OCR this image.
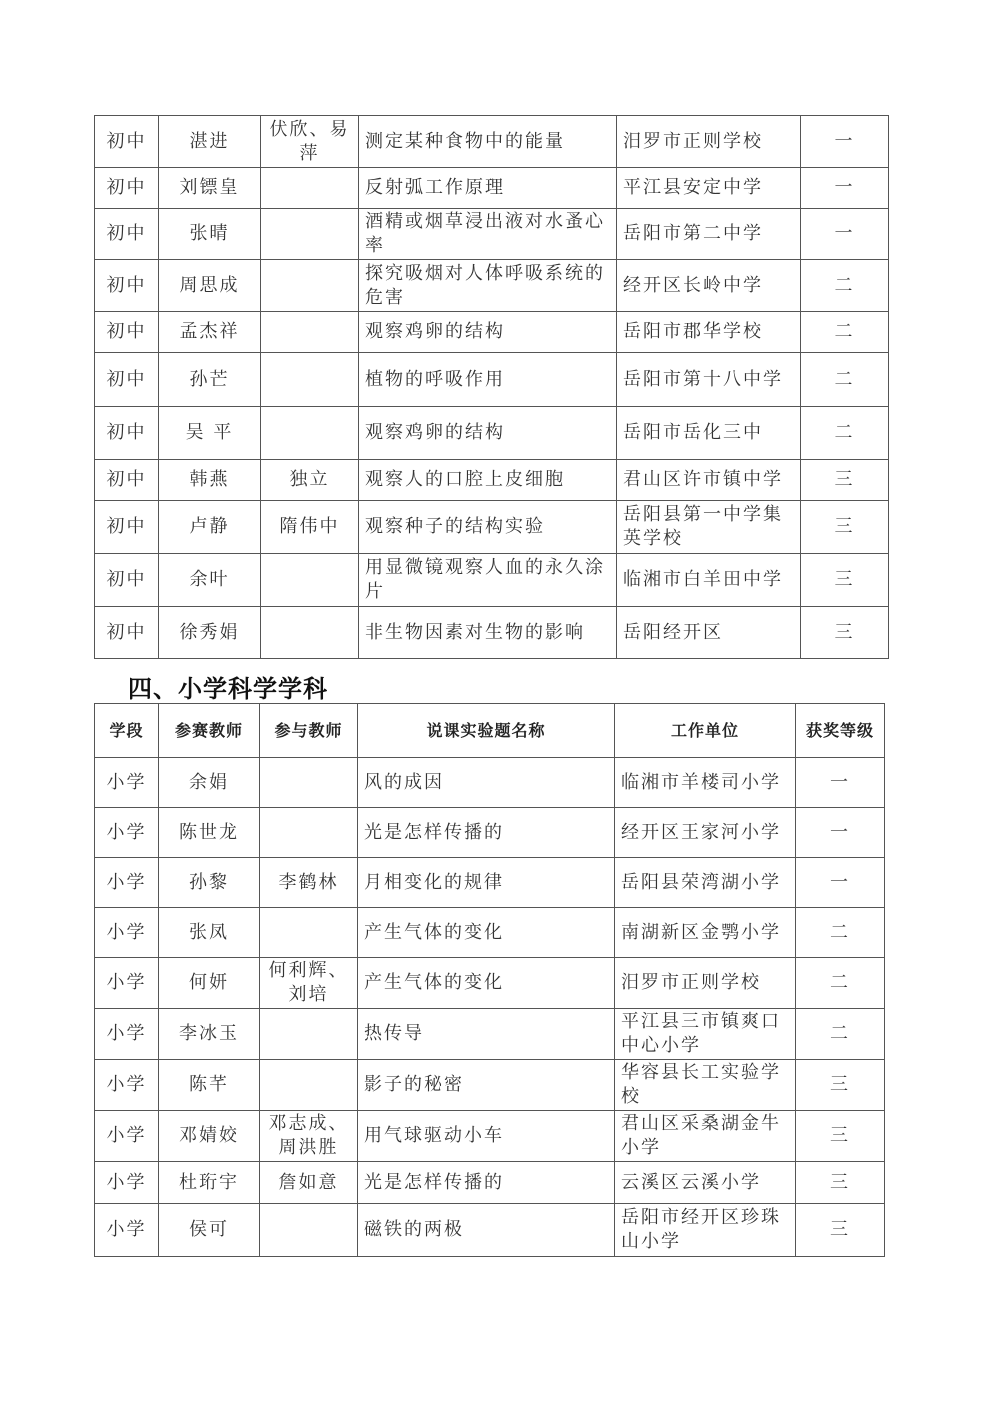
初中	湛进	伏欣、易萍	测定某种食物中的能量	汨罗市正则学校	一
初中	刘镖皇		反射弧工作原理	平江县安定中学	一
初中	张晴		酒精或烟草浸出液对水蚤心率	岳阳市第二中学	一
初中	周思成		探究吸烟对人体呼吸系统的危害	经开区长岭中学	二
初中	孟杰祥		观察鸡卵的结构	岳阳市郡华学校	二
初中	孙芒		植物的呼吸作用	岳阳市第十八中学	二
初中	吴 平		观察鸡卵的结构	岳阳市岳化三中	二
初中	韩燕	独立	观察人的口腔上皮细胞	君山区许市镇中学	三
初中	卢静	隋伟中	观察种子的结构实验	岳阳县第一中学集英学校	三
初中	余叶		用显微镜观察人血的永久涂片	临湘市白羊田中学	三
初中	徐秀娟		非生物因素对生物的影响	岳阳经开区	三
四、小学科学学科
学段	参赛教师	参与教师	说课实验题名称	工作单位	获奖等级
小学	余娟		风的成因	临湘市羊楼司小学	一
小学	陈世龙		光是怎样传播的	经开区王家河小学	一
小学	孙黎	李鹤林	月相变化的规律	岳阳县荣湾湖小学	一
小学	张凤		产生气体的变化	南湖新区金鹗小学	二
小学	何妍	何利辉、刘培	产生气体的变化	汨罗市正则学校	二
小学	李冰玉		热传导	平江县三市镇爽口中心小学	二
小学	陈芊		影子的秘密	华容县长工实验学校	三
小学	邓婧姣	邓志成、周洪胜	用气球驱动小车	君山区采桑湖金牛小学	三
小学	杜珩宇	詹如意	光是怎样传播的	云溪区云溪小学	三
小学	侯可		磁铁的两极	岳阳市经开区珍珠山小学	三
